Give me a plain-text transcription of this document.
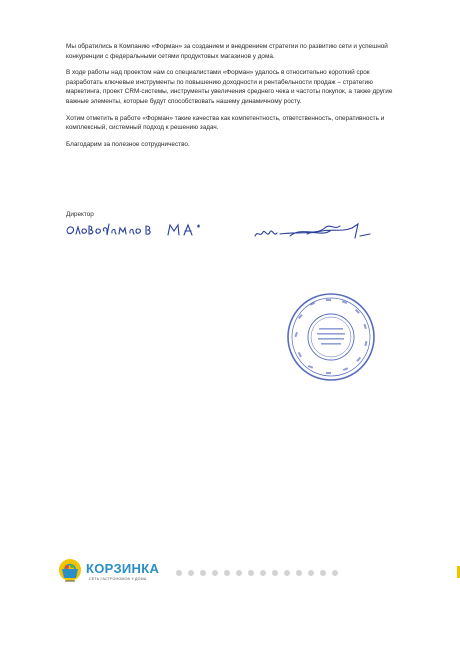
Мы обратились в Компанию «Форман» за созданием и внедрением стратегии по развитию сети и успешной конкуренции с федеральными сетями продуктовых магазинов у дома.

В ходе работы над проектом нам со специалистами «Форман» удалось в относительно короткий срок разработать ключевые инструменты по повышению доходности и рентабельности продаж – стратегию маркетинга, проект CRM-системы, инструменты увеличения среднего чека и частоты покупок, а также другие важные элементы, которые будут способствовать нашему динамичному росту.

Хотим отметить в работе «Форман» такие качества как компетентность, ответственность, оперативность и комплексный, системный подход к решению задач.

Благодарим за полезное сотрудничество.

Директор
КОРЗИНКА
СЕТЬ ГАСТРОНОМОВ У ДОМА
